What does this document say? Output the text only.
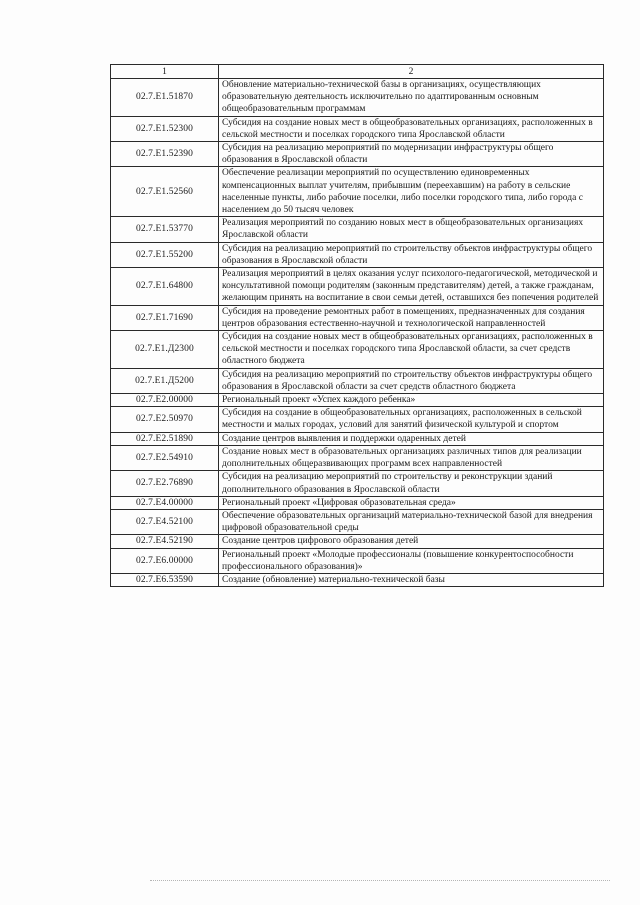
1	2
02.7.E1.51870	Обновление материально-технической базы в организациях, осуществляющих образовательную деятельность исключительно по адаптированным основным общеобразовательным программам
02.7.E1.52300	Субсидия на создание новых мест в общеобразовательных организациях, расположенных в сельской местности и поселках городского типа Ярославской области
02.7.E1.52390	Субсидия на реализацию мероприятий по модернизации инфраструктуры общего образования в Ярославской области
02.7.E1.52560	Обеспечение реализации мероприятий по осуществлению единовременных компенсационных выплат учителям, прибывшим (переехавшим) на работу в сельские населенные пункты, либо рабочие поселки, либо поселки городского типа, либо города с населением до 50 тысяч человек
02.7.E1.53770	Реализация мероприятий по созданию новых мест в общеобразовательных организациях Ярославской области
02.7.E1.55200	Субсидия на реализацию мероприятий по строительству объектов инфраструктуры общего образования в Ярославской области
02.7.E1.64800	Реализация мероприятий в целях оказания услуг психолого-педагогической, методической и консультативной помощи родителям (законным представителям) детей, а также гражданам, желающим принять на воспитание в свои семьи детей, оставшихся без попечения родителей
02.7.E1.71690	Субсидия на проведение ремонтных работ в помещениях, предназначенных для создания центров образования естественно-научной и технологической направленностей
02.7.E1.Д2300	Субсидия на создание новых мест в общеобразовательных организациях, расположенных в сельской местности и поселках городского типа Ярославской области, за счет средств областного бюджета
02.7.E1.Д5200	Субсидия на реализацию мероприятий по строительству объектов инфраструктуры общего образования в Ярославской области за счет средств областного бюджета
02.7.E2.00000	Региональный проект «Успех каждого ребенка»
02.7.E2.50970	Субсидия на создание в общеобразовательных организациях, расположенных в сельской местности и малых городах, условий для занятий физической культурой и спортом
02.7.E2.51890	Создание центров выявления и поддержки одаренных детей
02.7.E2.54910	Создание новых мест в образовательных организациях различных типов для реализации дополнительных общеразвивающих программ всех направленностей
02.7.E2.76890	Субсидия на реализацию мероприятий по строительству и реконструкции зданий дополнительного образования в Ярославской области
02.7.E4.00000	Региональный проект «Цифровая образовательная среда»
02.7.E4.52100	Обеспечение образовательных организаций материально-технической базой для внедрения цифровой образовательной среды
02.7.E4.52190	Создание центров цифрового образования детей
02.7.E6.00000	Региональный проект «Молодые профессионалы (повышение конкурентоспособности профессионального образования)»
02.7.E6.53590	Создание (обновление) материально-технической базы
